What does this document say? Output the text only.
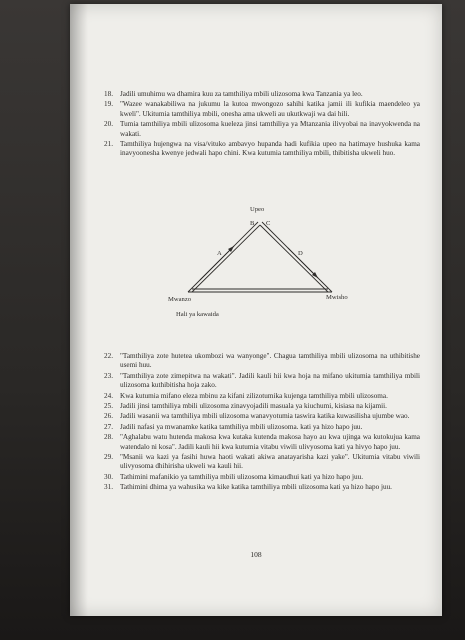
18. Jadili umuhimu wa dhamira kuu za tamthiliya mbili ulizosoma kwa Tanzania ya leo.
19. "Wazee wanakabiliwa na jukumu la kutoa mwongozo sahihi katika jamii ili kufikia maendeleo ya kweli". Ukitumia tamthiliya mbili, onesha ama ukweli au ukutkwaji wa dai hili.
20. Tumia tamthiliya mbili ulizosoma kueleza jinsi tamthiliya ya Mtanzania ilivyobai na inavyokwenda na wakati.
21. Tamthiliya hujengwa na visa/vituko ambavyo hupanda hadi kufikia upeo na hatimaye hushuka kama inavyoonesha kwenye jedwali hapo chini. Kwa kutumia tamthiliya mbili, thibitisha ukweli huo.
Upeo
B C
A	D
Mwanzo	Mwisho
Hali ya kawaida
22. "Tamthiliya zote hutetea ukombozi wa wanyonge". Chagua tamthiliya mbili ulizosoma na uthibitishe usemi huu.
23. "Tamthiliya zote zimepitwa na wakati". Jadili kauli hii kwa hoja na mifano ukitumia tamthiliya mbili ulizosoma kuthibitisha hoja zako.
24. Kwa kutumia mifano eleza mbinu za kifani zilizotumika kujenga tamthiliya mbili ulizosoma.
25. Jadili jinsi tamthiliya mbili ulizosoma zinavyojadili masuala ya kiuchumi, kisiasa na kijamii.
26. Jadili wasanii wa tamthiliya mbili ulizosoma wanavyotumia taswira katika kuwasilisha ujumbe wao.
27. Jadili nafasi ya mwanamke katika tamthiliya mbili ulizosoma. kati ya hizo hapo juu.
28. "Aghalabu watu hutenda makosa kwa kutaka kutenda makosa hayo au kwa ujinga wa kutokujua kama watendalo ni kosa". Jadili kauli hii kwa kutumia vitabu viwili ulivyosoma kati ya hivyo hapo juu.
29. "Msanii wa kazi ya fasihi huwa haoti wakati akiwa anatayarisha kazi yake". Ukitumia vitabu viwili ulivyosoma dhihirisha ukweli wa kauli hii.
30. Tathimini mafanikio ya tamthiliya mbili ulizosoma kimaudhui kati ya hizo hapo juu.
31. Tathimini dhima ya wahusika wa kike katika tamthiliya mbili ulizosoma kati ya hizo hapo juu.
108
